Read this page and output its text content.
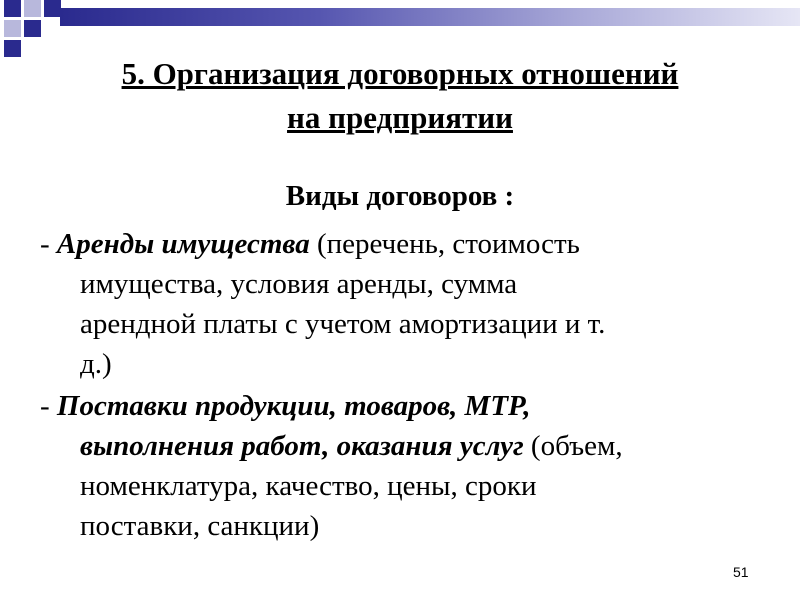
5. Организация договорных отношений
на предприятии
Виды договоров :
- Аренды имущества (перечень, стоимость
имущества, условия аренды, сумма
арендной платы с учетом амортизации и т.
д.)
- Поставки продукции, товаров, МТР,
выполнения работ, оказания услуг (объем,
номенклатура, качество, цены, сроки
поставки, санкции)
51
